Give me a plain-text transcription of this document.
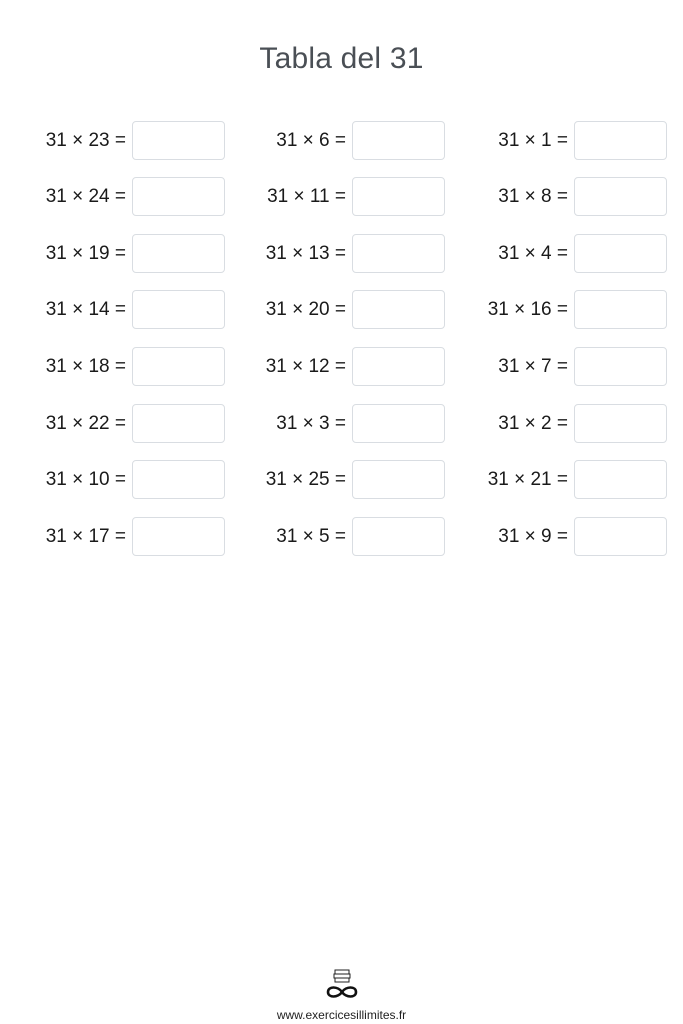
Tabla del 31
31 × 23 =	31 × 6 =	31 × 1 =
31 × 24 =	31 × 11 =	31 × 8 =
31 × 19 =	31 × 13 =	31 × 4 =
31 × 14 =	31 × 20 =	31 × 16 =
31 × 18 =	31 × 12 =	31 × 7 =
31 × 22 =	31 × 3 =	31 × 2 =
31 × 10 =	31 × 25 =	31 × 21 =
31 × 17 =	31 × 5 =	31 × 9 =
www.exercicesillimites.fr
